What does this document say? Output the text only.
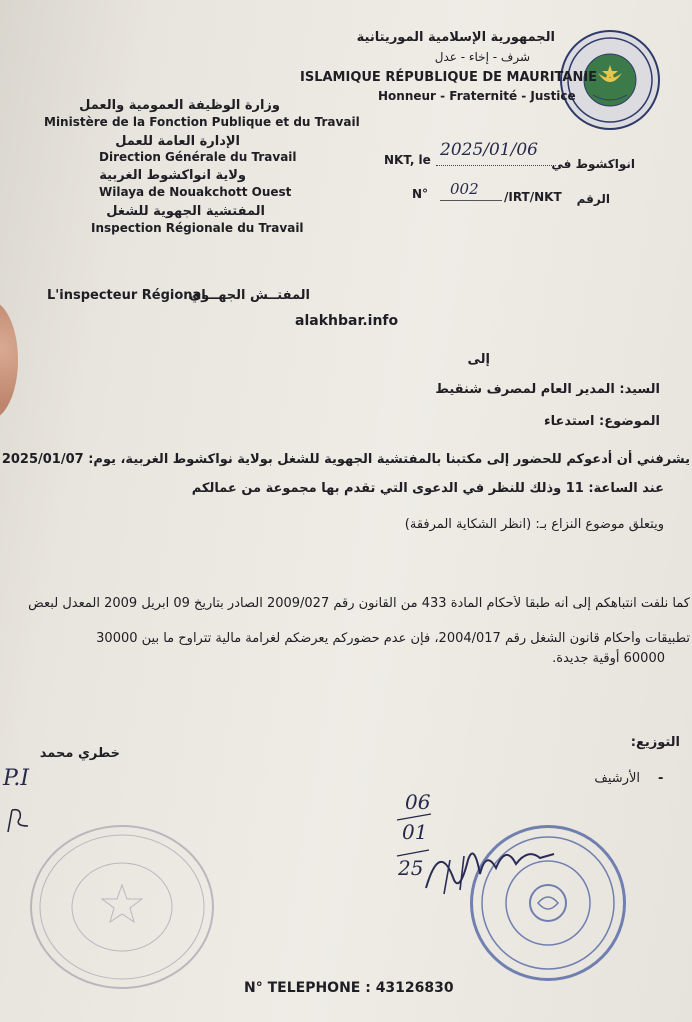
الجمهورية الإسلامية الموريتانية
شرف - إخاء - عدل
ISLAMIQUE RÉPUBLIQUE DE MAURITANIE
Honneur - Fraternité - Justice
وزارة الوظيفة العمومية والعمل
Ministère de la Fonction Publique et du Travail
الإدارة العامة للعمل
Direction Générale du Travail
ولاية انواكشوط الغربية
Wilaya de Nouakchott Ouest
المفتشية الجهوية للشغل
Inspection Régionale du Travail
NKT, le 2025/01/06
انواكشوط في
N° 002 /IRT/NKT	الرقم
L'inspecteur Régional
المفتــش الجهــوي
alakhbar.info
إلى
السيد: المدير العام لمصرف شنقيط
الموضوع: استدعاء
يشرفني أن أدعوكم للحضور إلى مكتبنا بالمفتشية الجهوية للشغل بولاية نواكشوط الغربية، يوم: 2025/01/07
عند الساعة: 11 وذلك للنظر في الدعوى التي تقدم بها مجموعة من عمالكم
ويتعلق موضوع النزاع بـ: (انظر الشكاية المرفقة)
كما نلفت انتباهكم إلى أنه طبقا لأحكام المادة 433 من القانون رقم 2009/027 الصادر بتاريخ 09 ابريل 2009 المعدل لبعض
تطبيقات وأحكام قانون الشغل رقم 2004/017، فإن عدم حضوركم يعرضكم لغرامة مالية تتراوح ما بين 30000
60000 أوقية جديدة.
التوزيع:
الأرشيف -
خطري محمد
P.I
06
01
25
N° TELEPHONE : 43126830
